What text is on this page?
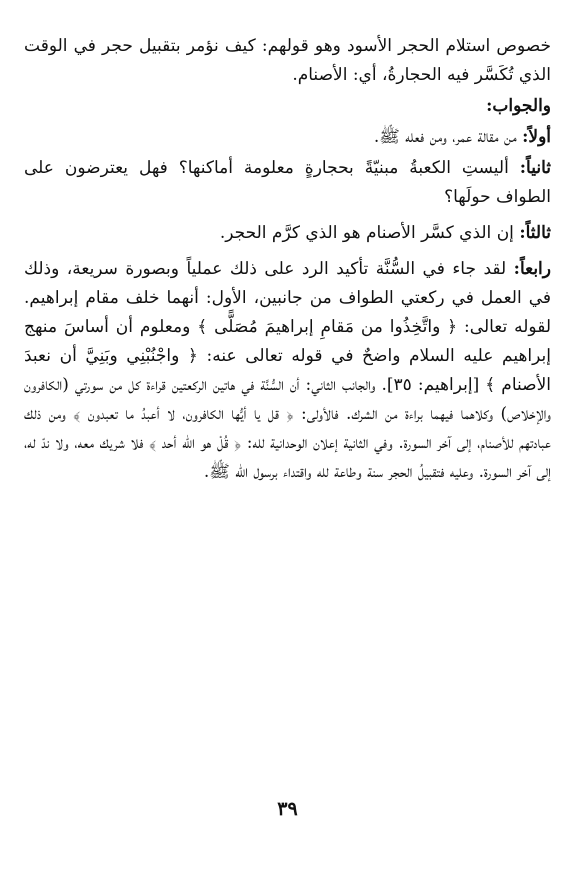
خصوص استلام الحجر الأسود وهو قولهم: كيف نؤمر بتقبيل حجر في الوقت الذي تُكَسَّر فيه الحجارةُ، أي: الأصنام.

والجواب:

أولاً: من مقالة عمر، ومن فعله ﷺ.

ثانياً: أليستِ الكعبةُ مبنيّةً بحجارةٍ معلومة أماكنها؟ فهل يعترضون على الطواف حولَها؟

ثالثاً: إن الذي كسَّر الأصنام هو الذي كرَّم الحجر.

رابعاً: لقد جاء في السُّنَّة تأكيد الرد على ذلك عملياً وبصورة سريعة، وذلك في العمل في ركعتي الطواف من جانبين، الأول: أنهما خلف مقام إبراهيم. لقوله تعالى: ﴿ واتَّخِذُوا من مَقامِ إبراهيمَ مُصَلًّى ﴾ ومعلوم أن أساسَ منهج إبراهيم عليه السلام واضحٌ في قوله تعالى عنه: ﴿ واجْنُبْنِي وبَنِيَّ أن نعبدَ الأصنام ﴾ [إبراهيم: ٣٥]. والجانب الثاني: أن السُّنَّة في هاتين الركعتين قراءة كل من سورتي (الكافرون والإخلاص) وكلاهما فيهما براءة من الشرك. فالأولى: ﴿ قل يا أيُّها الكافرون، لا أعبدُ ما تعبدون ﴾ ومن ذلك عبادتهم للأصنام، إلى آخر السورة. وفي الثانية إعلان الوحدانية لله: ﴿ قُلْ هو الله أحد ﴾ فلا شريك معه، ولا ندّ له، إلى آخر السورة. وعليه فتقبيلُ الحجر سنة وطاعة لله واقتداء برسول الله ﷺ.

٣٩
